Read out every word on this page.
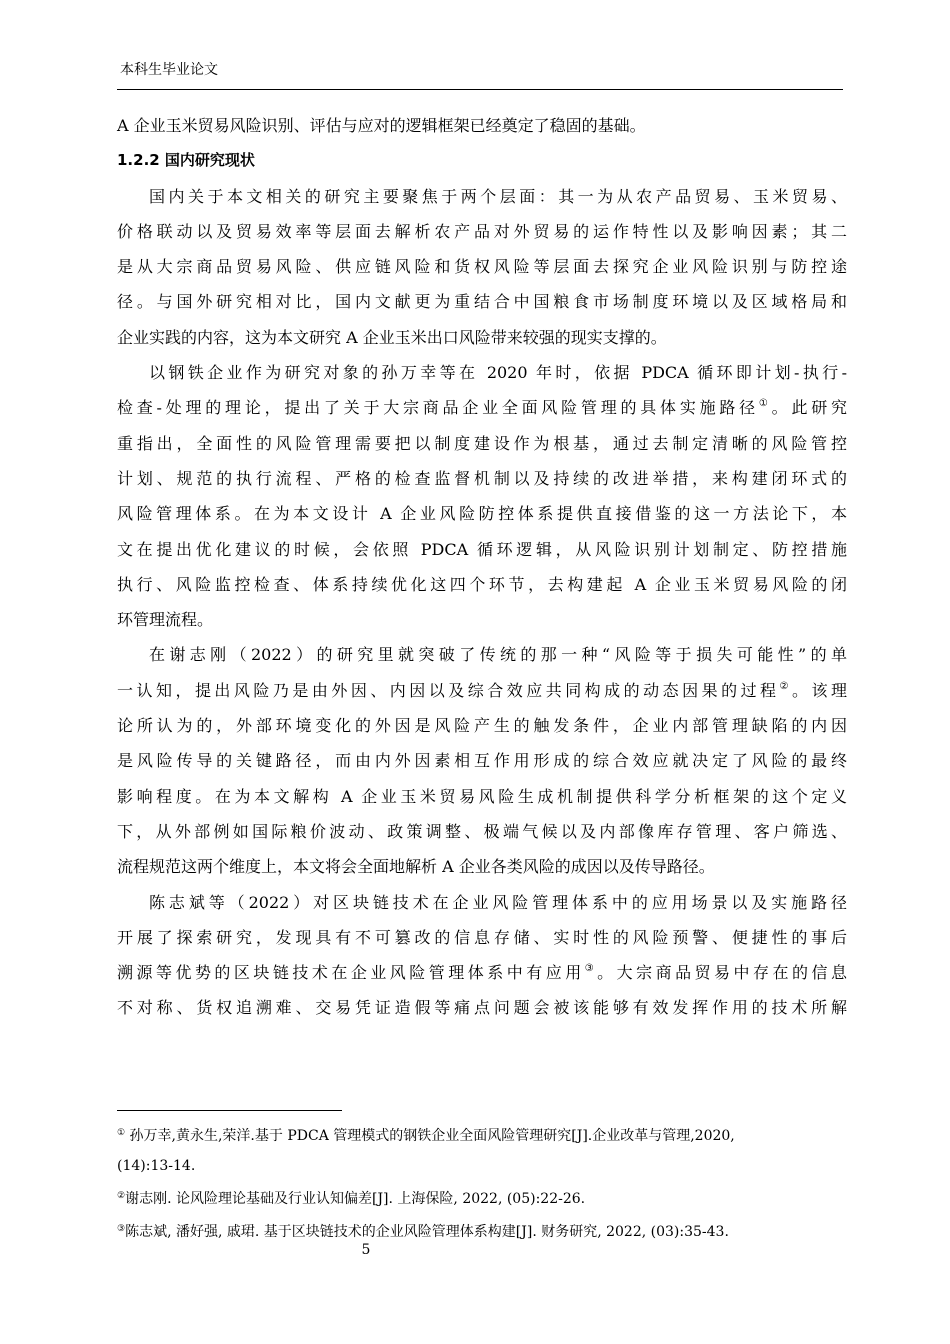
本科生毕业论文
A 企业玉米贸易风险识别、评估与应对的逻辑框架已经奠定了稳固的基础。
1.2.2 国内研究现状
国内关于本文相关的研究主要聚焦于两个层面：其一为从农产品贸易、玉米贸易、
价格联动以及贸易效率等层面去解析农产品对外贸易的运作特性以及影响因素；其二
是从大宗商品贸易风险、供应链风险和货权风险等层面去探究企业风险识别与防控途
径。与国外研究相对比，国内文献更为重结合中国粮食市场制度环境以及区域格局和
企业实践的内容，这为本文研究 A 企业玉米出口风险带来较强的现实支撑的。
以钢铁企业作为研究对象的孙万幸等在 2020 年时，依据 PDCA 循环即计划-执行-
检查-处理的理论，提出了关于大宗商品企业全面风险管理的具体实施路径①。此研究
重指出，全面性的风险管理需要把以制度建设作为根基，通过去制定清晰的风险管控
计划、规范的执行流程、严格的检查监督机制以及持续的改进举措，来构建闭环式的
风险管理体系。在为本文设计 A 企业风险防控体系提供直接借鉴的这一方法论下，本
文在提出优化建议的时候，会依照 PDCA 循环逻辑，从风险识别计划制定、防控措施
执行、风险监控检查、体系持续优化这四个环节，去构建起 A 企业玉米贸易风险的闭
环管理流程。
在谢志刚（2022）的研究里就突破了传统的那一种“风险等于损失可能性”的单
一认知，提出风险乃是由外因、内因以及综合效应共同构成的动态因果的过程②。该理
论所认为的，外部环境变化的外因是风险产生的触发条件，企业内部管理缺陷的内因
是风险传导的关键路径，而由内外因素相互作用形成的综合效应就决定了风险的最终
影响程度。在为本文解构 A 企业玉米贸易风险生成机制提供科学分析框架的这个定义
下，从外部例如国际粮价波动、政策调整、极端气候以及内部像库存管理、客户筛选、
流程规范这两个维度上，本文将会全面地解析 A 企业各类风险的成因以及传导路径。
陈志斌等（2022）对区块链技术在企业风险管理体系中的应用场景以及实施路径
开展了探索研究，发现具有不可篡改的信息存储、实时性的风险预警、便捷性的事后
溯源等优势的区块链技术在企业风险管理体系中有应用③。大宗商品贸易中存在的信息
不对称、货权追溯难、交易凭证造假等痛点问题会被该能够有效发挥作用的技术所解
① 孙万幸,黄永生,荣洋.基于 PDCA 管理模式的钢铁企业全面风险管理研究[J].企业改革与管理,2020,
(14):13-14.
②谢志刚. 论风险理论基础及行业认知偏差[J]. 上海保险, 2022, (05):22-26.
③陈志斌, 潘好强, 戚珺. 基于区块链技术的企业风险管理体系构建[J]. 财务研究, 2022, (03):35-43.
5
